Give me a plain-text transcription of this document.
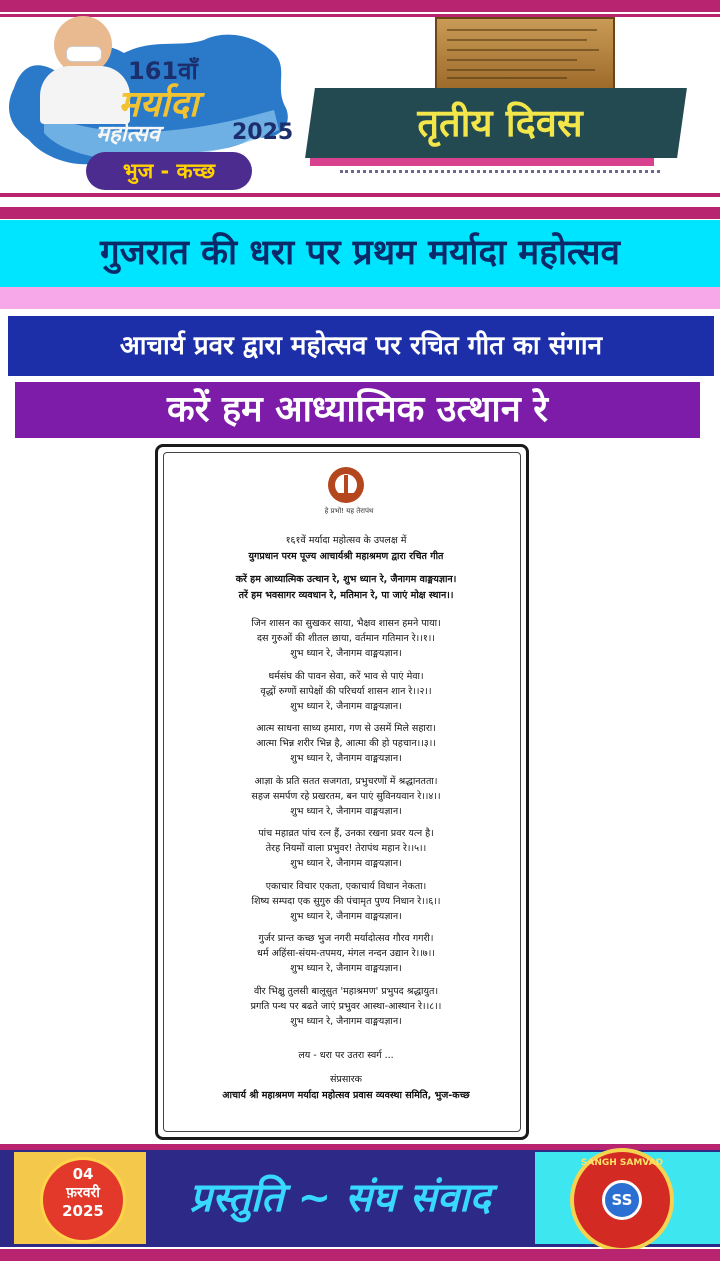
161वाँ
मर्यादा
महोत्सव	2025
भुज - कच्छ
तृतीय दिवस
गुजरात की धरा पर प्रथम मर्यादा महोत्सव
आचार्य प्रवर द्वारा महोत्सव पर रचित गीत का संगान
करें हम आध्यात्मिक उत्थान रे
हे प्रभो! यह तेरापंथ
१६१वें मर्यादा महोत्सव के उपलक्ष में
युगप्रधान परम पूज्य आचार्यश्री महाश्रमण द्वारा रचित गीत
करें हम आध्यात्मिक उत्थान रे, शुभ ध्यान रे, जैनागम वाङ्मयज्ञान।
तरें हम भवसागर व्यवधान रे, मतिमान रे, पा जाएं मोक्ष स्थान।।
जिन शासन का सुखकर साया, भैक्षव शासन हमने पाया।
दस गुरुओं की शीतल छाया, वर्तमान गतिमान रे।।१।।
शुभ ध्यान रे, जैनागम वाङ्मयज्ञान।
धर्मसंघ की पावन सेवा, करें भाव से पाएं मेवा।
वृद्धों रुग्णों सापेक्षों की परिचर्या शासन शान रे।।२।।
शुभ ध्यान रे, जैनागम वाङ्मयज्ञान।
आत्म साधना साध्य हमारा, गण से उसमें मिले सहारा।
आत्मा भिन्न शरीर भिन्न है, आत्मा की हो पहचान।।३।।
शुभ ध्यान रे, जैनागम वाङ्मयज्ञान।
आज्ञा के प्रति सतत सजगता, प्रभुचरणों में श्रद्धानतता।
सहज समर्पण रहे प्रखरतम, बन पाएं सुविनयवान रे।।४।।
शुभ ध्यान रे, जैनागम वाङ्मयज्ञान।
पांच महाव्रत पांच रत्न हैं, उनका रखना प्रवर यत्न है।
तेरह नियमों वाला प्रभुवर! तेरापंथ महान रे।।५।।
शुभ ध्यान रे, जैनागम वाङ्मयज्ञान।
एकाचार विचार एकता, एकाचार्य विधान नेकता।
शिष्य सम्पदा एक सुगुरु की पंचामृत पुण्य निधान रे।।६।।
शुभ ध्यान रे, जैनागम वाङ्मयज्ञान।
गुर्जर प्रान्त कच्छ भुज नगरी मर्यादोत्सव गौरव गगरी।
धर्म अहिंसा-संयम-तपमय, मंगल नन्दन उद्यान रे।।७।।
शुभ ध्यान रे, जैनागम वाङ्मयज्ञान।
वीर भिक्षु तुलसी बालूसुत 'महाश्रमण' प्रभुपद श्रद्धायुत।
प्रगति पन्थ पर बढते जाएं प्रभुवर आस्था-आस्थान रे।।८।।
शुभ ध्यान रे, जैनागम वाङ्मयज्ञान।
लय - धरा पर उतरा स्वर्ग ...
संप्रसारक
आचार्य श्री महाश्रमण मर्यादा महोत्सव प्रवास व्यवस्था समिति, भुज-कच्छ
04
फ़रवरी
2025	प्रस्तुति ~ संघ संवाद
SANGH SAMVAD
SS
